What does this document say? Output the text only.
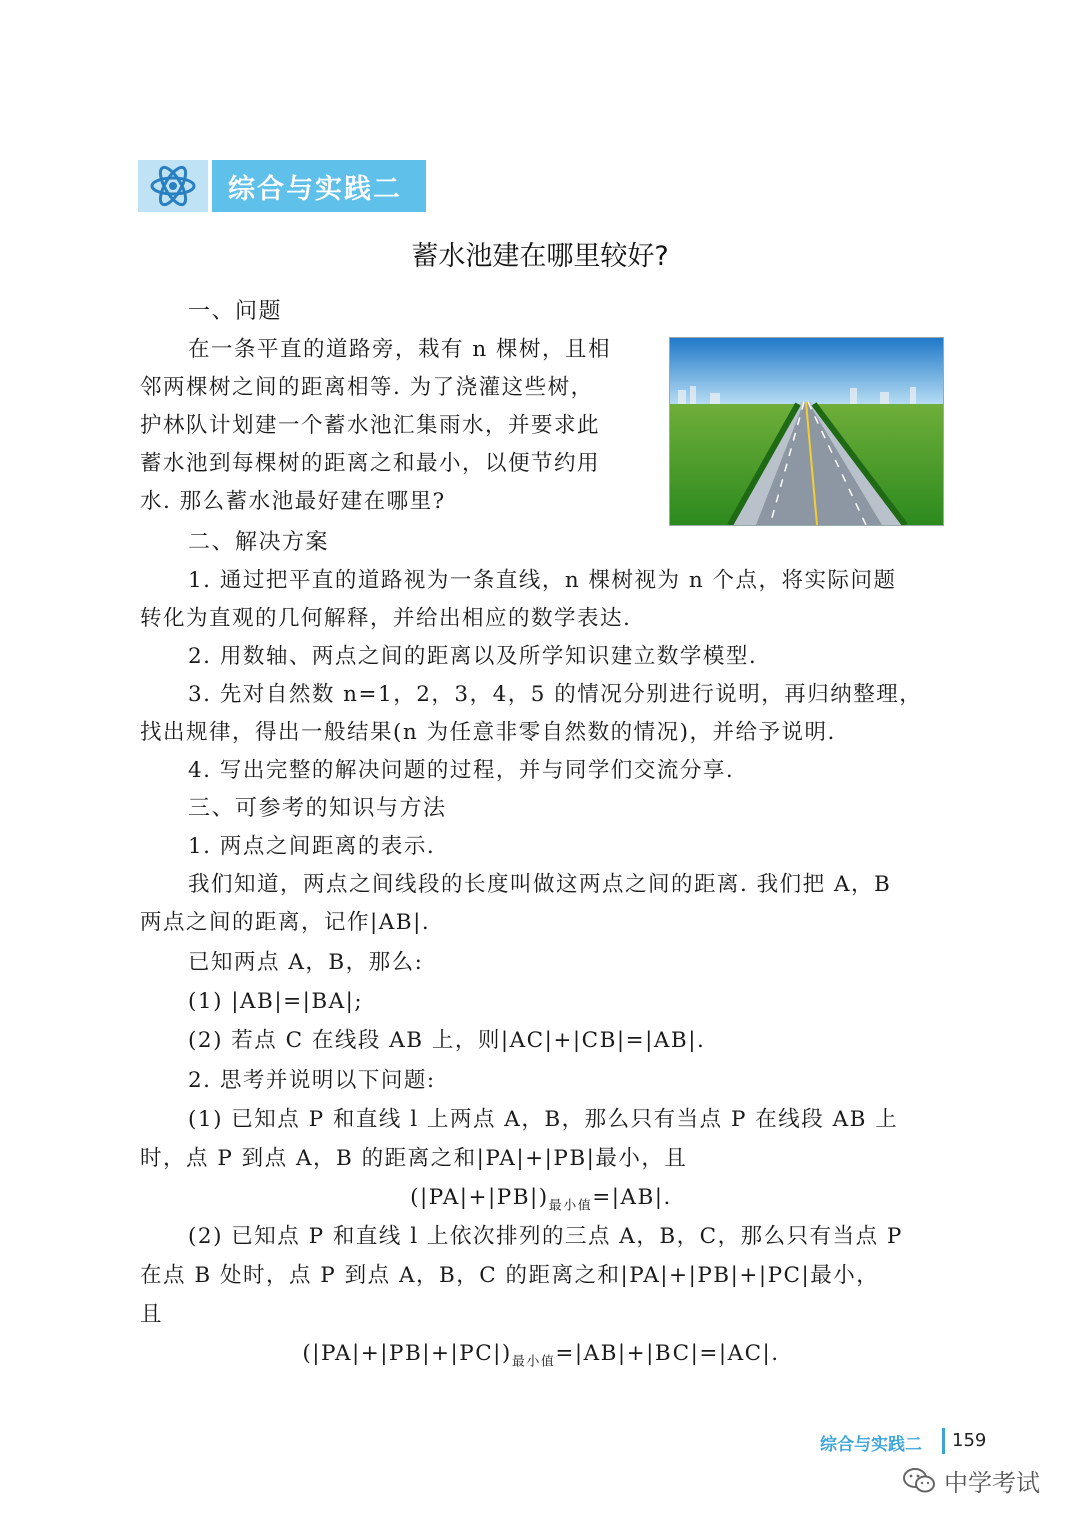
综合与实践二
蓄水池建在哪里较好?

一、问题

在一条平直的道路旁，栽有 n 棵树，且相

邻两棵树之间的距离相等. 为了浇灌这些树，

护林队计划建一个蓄水池汇集雨水，并要求此

蓄水池到每棵树的距离之和最小，以便节约用

水. 那么蓄水池最好建在哪里?

二、解决方案

1. 通过把平直的道路视为一条直线，n 棵树视为 n 个点，将实际问题

转化为直观的几何解释，并给出相应的数学表达.

2. 用数轴、两点之间的距离以及所学知识建立数学模型.

3. 先对自然数 n=1，2，3，4，5 的情况分别进行说明，再归纳整理，

找出规律，得出一般结果(n 为任意非零自然数的情况)，并给予说明.

4. 写出完整的解决问题的过程，并与同学们交流分享.

三、可参考的知识与方法

1. 两点之间距离的表示.

我们知道，两点之间线段的长度叫做这两点之间的距离. 我们把 A，B

两点之间的距离，记作|AB|.

已知两点 A，B，那么:

(1) |AB|=|BA|;

(2) 若点 C 在线段 AB 上，则|AC|+|CB|=|AB|.

2. 思考并说明以下问题:

(1) 已知点 P 和直线 l 上两点 A，B，那么只有当点 P 在线段 AB 上

时，点 P 到点 A，B 的距离之和|PA|+|PB|最小，且

$(|PA|+|PB|)_{最小值}=|AB|$.

(2) 已知点 P 和直线 l 上依次排列的三点 A，B，C，那么只有当点 P

在点 B 处时，点 P 到点 A，B，C 的距离之和|PA|+|PB|+|PC|最小，

且

$(|PA|+|PB|+|PC|)_{最小值}=|AB|+|BC|=|AC|$.

综合与实践二 159
中学考试
